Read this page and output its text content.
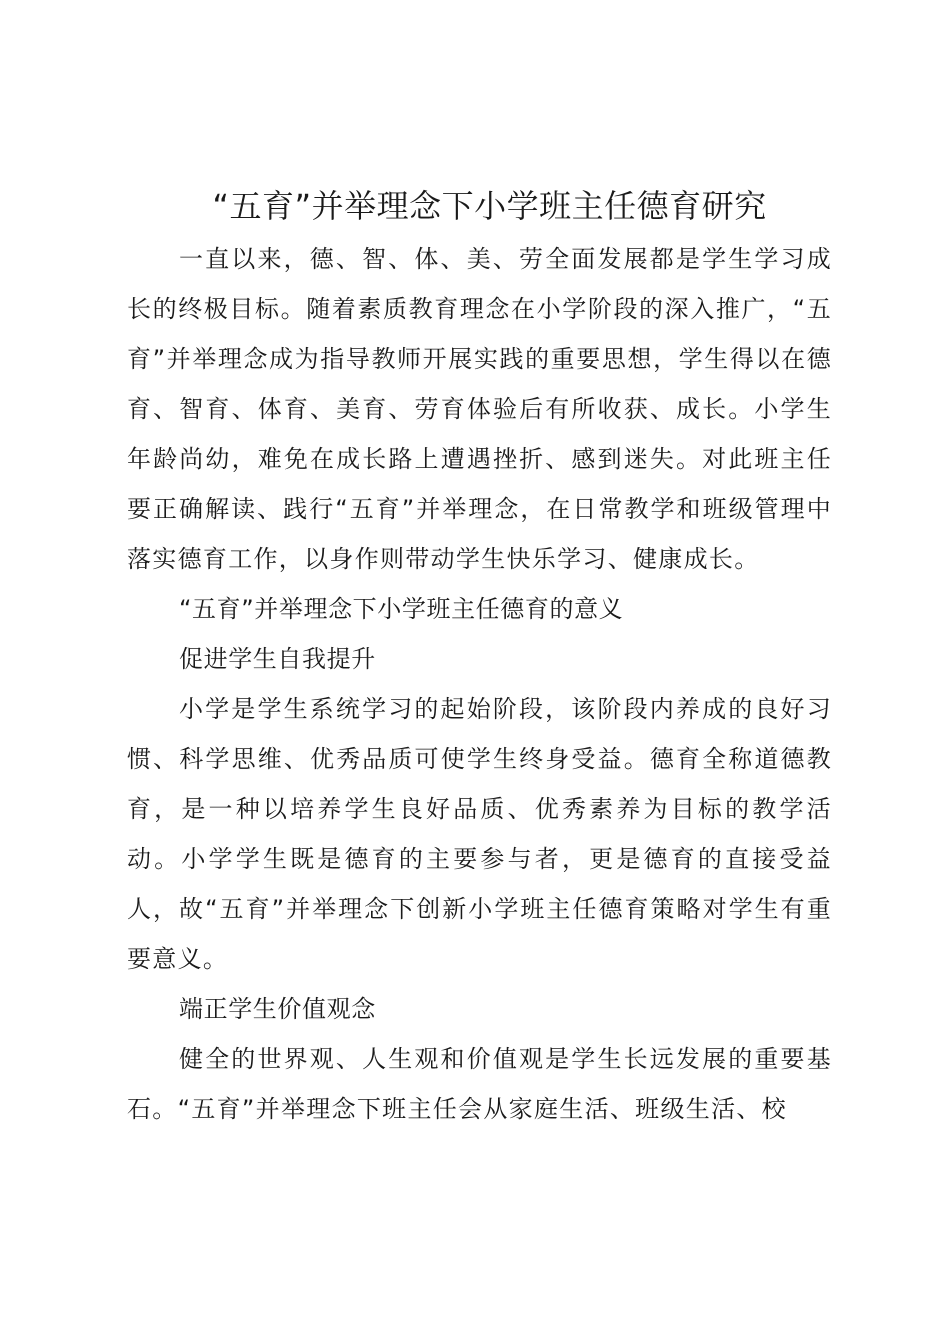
“五育”并举理念下小学班主任德育研究

一直以来，德、智、体、美、劳全面发展都是学生学习成长的终极目标。随着素质教育理念在小学阶段的深入推广，“五育”并举理念成为指导教师开展实践的重要思想，学生得以在德育、智育、体育、美育、劳育体验后有所收获、成长。小学生年龄尚幼，难免在成长路上遭遇挫折、感到迷失。对此班主任要正确解读、践行“五育”并举理念，在日常教学和班级管理中落实德育工作，以身作则带动学生快乐学习、健康成长。

“五育”并举理念下小学班主任德育的意义

促进学生自我提升

小学是学生系统学习的起始阶段，该阶段内养成的良好习惯、科学思维、优秀品质可使学生终身受益。德育全称道德教育，是一种以培养学生良好品质、优秀素养为目标的教学活动。小学学生既是德育的主要参与者，更是德育的直接受益人，故“五育”并举理念下创新小学班主任德育策略对学生有重要意义。

端正学生价值观念

健全的世界观、人生观和价值观是学生长远发展的重要基石。“五育”并举理念下班主任会从家庭生活、班级生活、校
